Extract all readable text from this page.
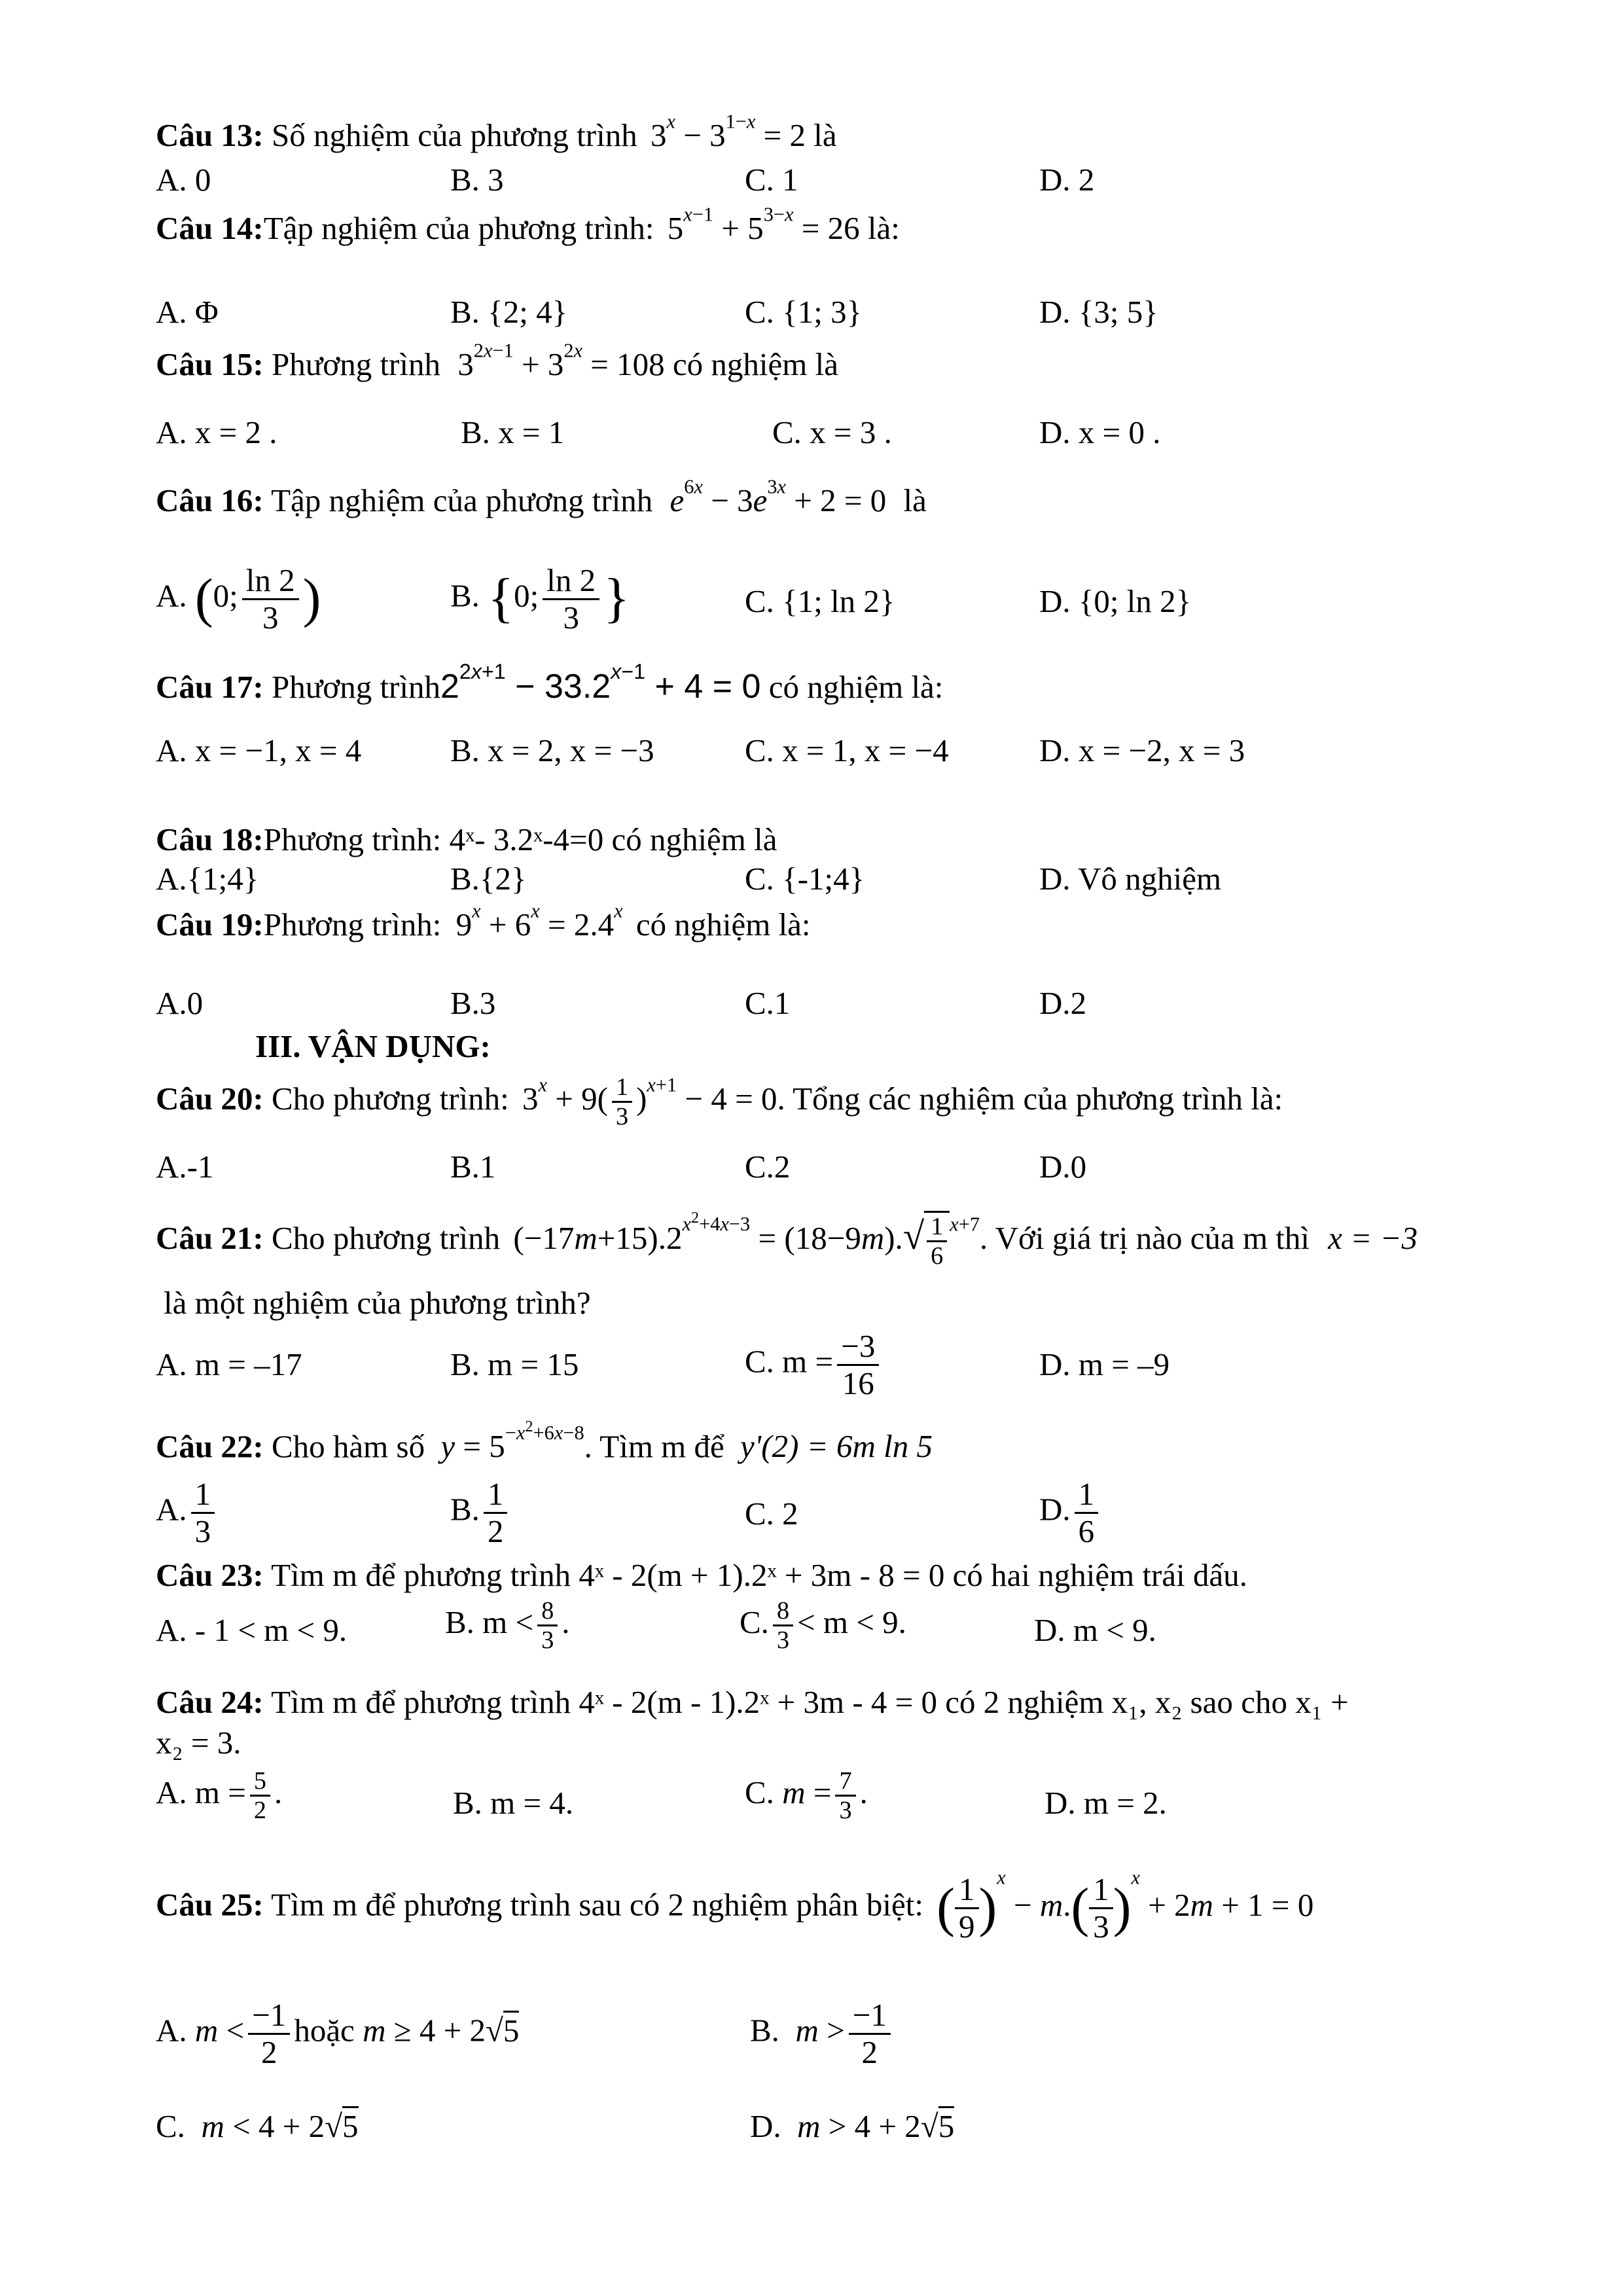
Câu 13: Số nghiệm của phương trình $3^x - 3^{1-x} = 2$ là
A. 0	B. 3	C. 1	D. 2
Câu 14:Tập nghiệm của phương trình: $5^{x-1} + 5^{3-x} = 26$ là:
A. Φ	B. {2; 4}	C. {1; 3}	D. {3; 5}
Câu 15: Phương trình $3^{2x-1} + 3^{2x} = 108$ có nghiệm là
A. x = 2 .	B. x = 1	C. x = 3 .	D. x = 0 .
Câu 16: Tập nghiệm của phương trình $e^{6x} - 3e^{3x} + 2 = 0$ là
A. (0; $\frac{\ln 2}{3}$ )	B. {0; $\frac{\ln 2}{3}$ }	C. {1; ln 2}	D. {0; ln 2}
Câu 17: Phương $trình2^{2x+1} - 33.2^{x-1} + 4 = 0$ có nghiệm là:
A. x = −1, x = 4	B. x = 2, x = −3	C. x = 1, x = −4	D. x = −2, x = 3
Câu 18:Phương trình: 4ˣ- 3.2ˣ-4=0 có nghiệm là
A.{1;4}	B.{2}	C. {-1;4}	D. Vô nghiệm
Câu 19:Phương trình: $9^x + 6^x = 2.4^x$ có nghiệm là:
A.0	B.3	C.1	D.2
III. VẬN DỤNG:
Câu 20: Cho phương trình: $3^x + 9( \frac{1}{3} )^{x+1} - 4 = 0$. Tổng các nghiệm của phương trình là:
A.-1	B.1	C.2	D.0
Câu 21: Cho phương trình $(-17m+15).2^{x^2+4x-3} = (18-9m).√ \frac{1}{6} ^{x+7}$. Với giá trị nào của m thì x = −3
là một nghiệm của phương trình?
A. m = –17	B. m = 15	C. $m = \frac{-3}{16}$	D. m = –9
Câu 22: Cho hàm số $y = 5^{-x^2+6x-8}$. Tìm m để y'(2) = 6m ln 5
A. $\frac{1}{3}$	B. $\frac{1}{2}$	C. 2	D. $\frac{1}{6}$
Câu 23: Tìm m để phương trình 4ˣ - 2(m + 1).2ˣ + 3m - 8 = 0 có hai nghiệm trái dấu.
A. - 1 < m < 9.	B. $m < \frac{8}{3}$ .	C. $\frac{8}{3} < m < 9$.	D. m < 9.
Câu 24: Tìm m để phương trình 4ˣ - 2(m - 1).2ˣ + 3m - 4 = 0 có 2 nghiệm x₁, x₂ sao cho x₁ +
x₂ = 3.
A. $m = \frac{5}{2}$ .	B. m = 4.	C. $m = \frac{7}{3}$ .	D. m = 2.
Câu 25: Tìm m để phương trình sau có 2 nghiệm phân biệt: ( $\frac{1}{9} )^x - m.( \frac{1}{3} )^x + 2m + 1 = 0$
A. $m < \frac{-1}{2}$ hoặc m ≥ 4 + 2√5	B.  $m > \frac{-1}{2}$
C.  m < 4 + 2√5	D.  m > 4 + 2√5
